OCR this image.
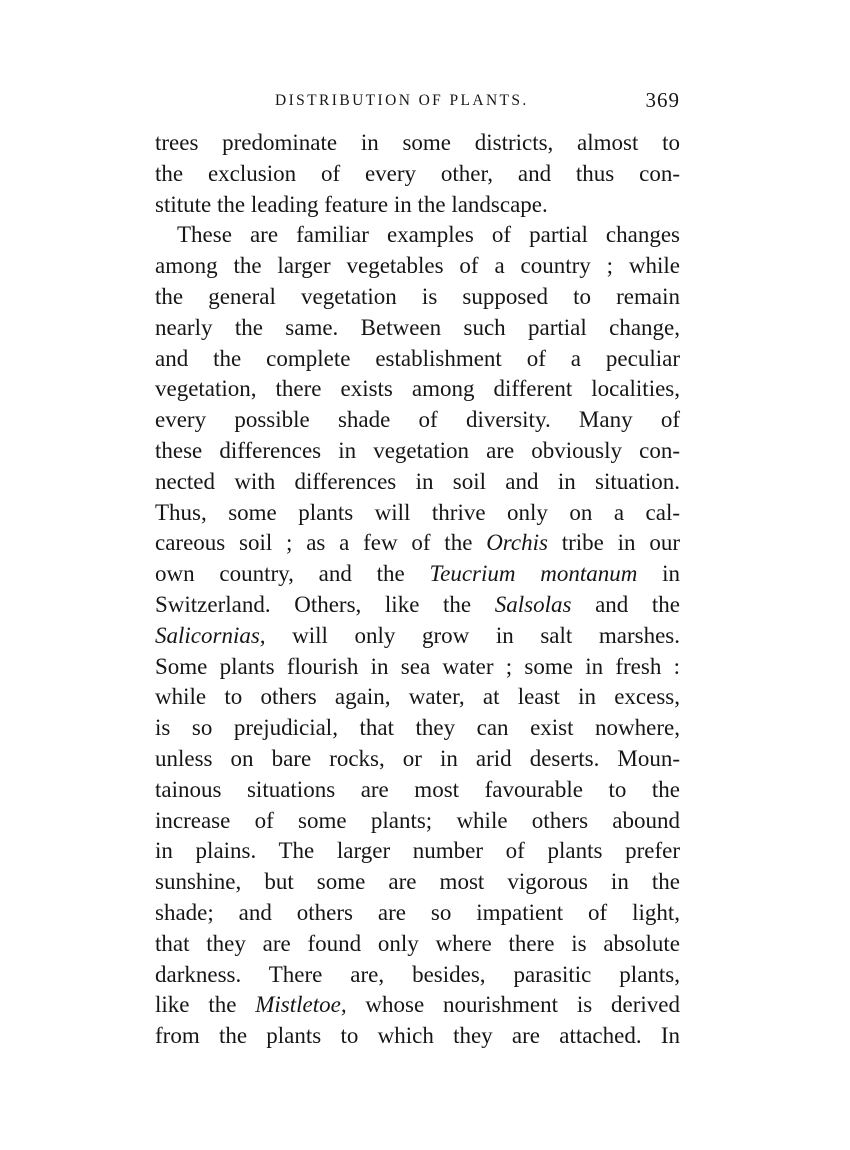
DISTRIBUTION OF PLANTS.	369
trees predominate in some districts, almost to
the exclusion of every other, and thus con-
stitute the leading feature in the landscape.
These are familiar examples of partial changes
among the larger vegetables of a country ; while
the general vegetation is supposed to remain
nearly the same. Between such partial change,
and the complete establishment of a peculiar
vegetation, there exists among different localities,
every possible shade of diversity. Many of
these differences in vegetation are obviously con-
nected with differences in soil and in situation.
Thus, some plants will thrive only on a cal-
careous soil ; as a few of the Orchis tribe in our
own country, and the Teucrium montanum in
Switzerland. Others, like the Salsolas and the
Salicornias, will only grow in salt marshes.
Some plants flourish in sea water ; some in fresh :
while to others again, water, at least in excess,
is so prejudicial, that they can exist nowhere,
unless on bare rocks, or in arid deserts. Moun-
tainous situations are most favourable to the
increase of some plants; while others abound
in plains. The larger number of plants prefer
sunshine, but some are most vigorous in the
shade; and others are so impatient of light,
that they are found only where there is absolute
darkness. There are, besides, parasitic plants,
like the Mistletoe, whose nourishment is derived
from the plants to which they are attached. In
